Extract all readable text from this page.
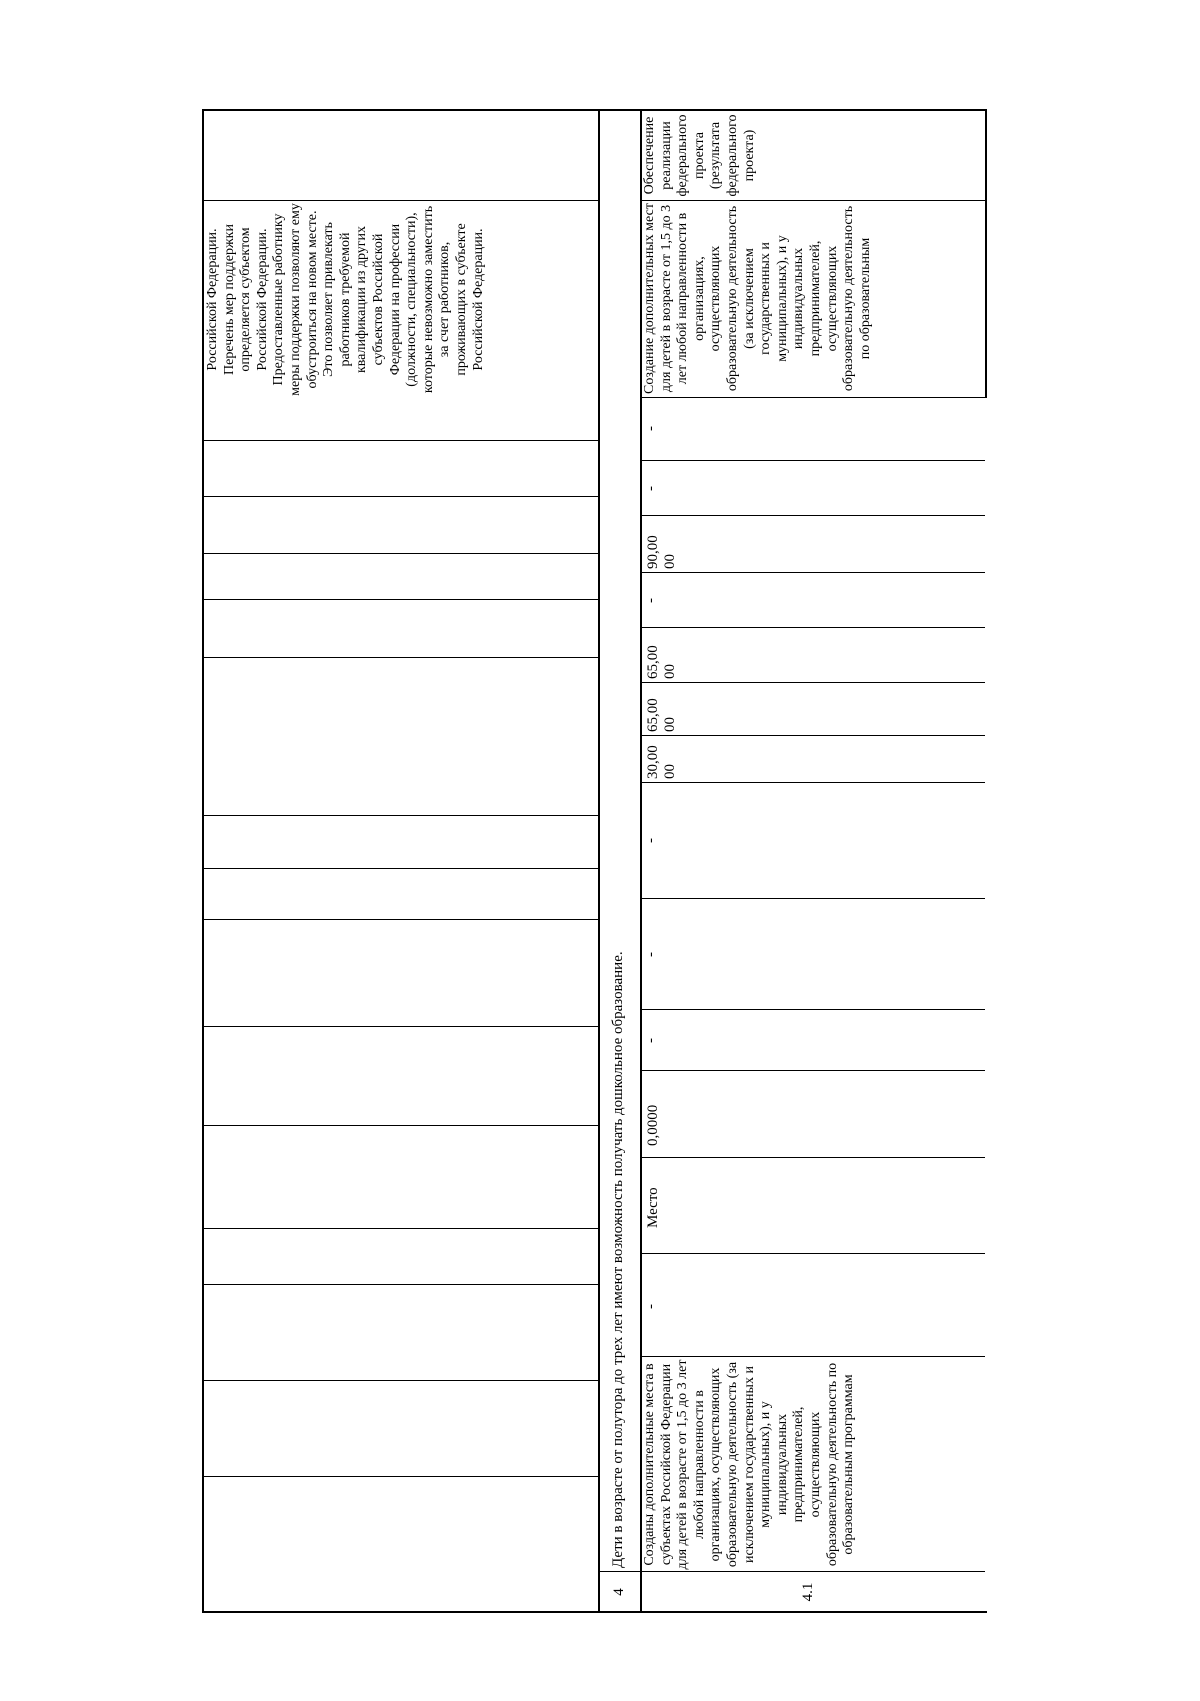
Российской Федерации. Перечень мер поддержки определяется субъектом Российской Федерации. Предоставленные работнику меры поддержки позволяют ему обустроиться на новом месте. Это позволяет привлекать работников требуемой квалификации из других субъектов Российской Федерации на профессии (должности, специальности), которые невозможно заместить за счет работников, проживающих в субъекте Российской Федерации.
4
Дети в возрасте от полутора до трех лет имеют возможность получать дошкольное образование.
4.1
Созданы дополнительные места в субъектах Российской Федерации для детей в возрасте от 1,5 до 3 лет любой направленности в организациях, осуществляющих образовательную деятельность (за исключением государственных и муниципальных), и у индивидуальных предпринимателей, осуществляющих образовательную деятельность по образовательным программам
-
Место
0,0000
-
-
-
30,00 00
65,00 00
65,00 00
-
90,00 00
-
-
Создание дополнительных мест для детей в возрасте от 1,5 до 3 лет любой направленности в организациях, осуществляющих образовательную деятельность (за исключением государственных и муниципальных), и у индивидуальных предпринимателей, осуществляющих образовательную деятельность по образовательным
Обеспечение реализации федерального проекта (результата федерального проекта)
